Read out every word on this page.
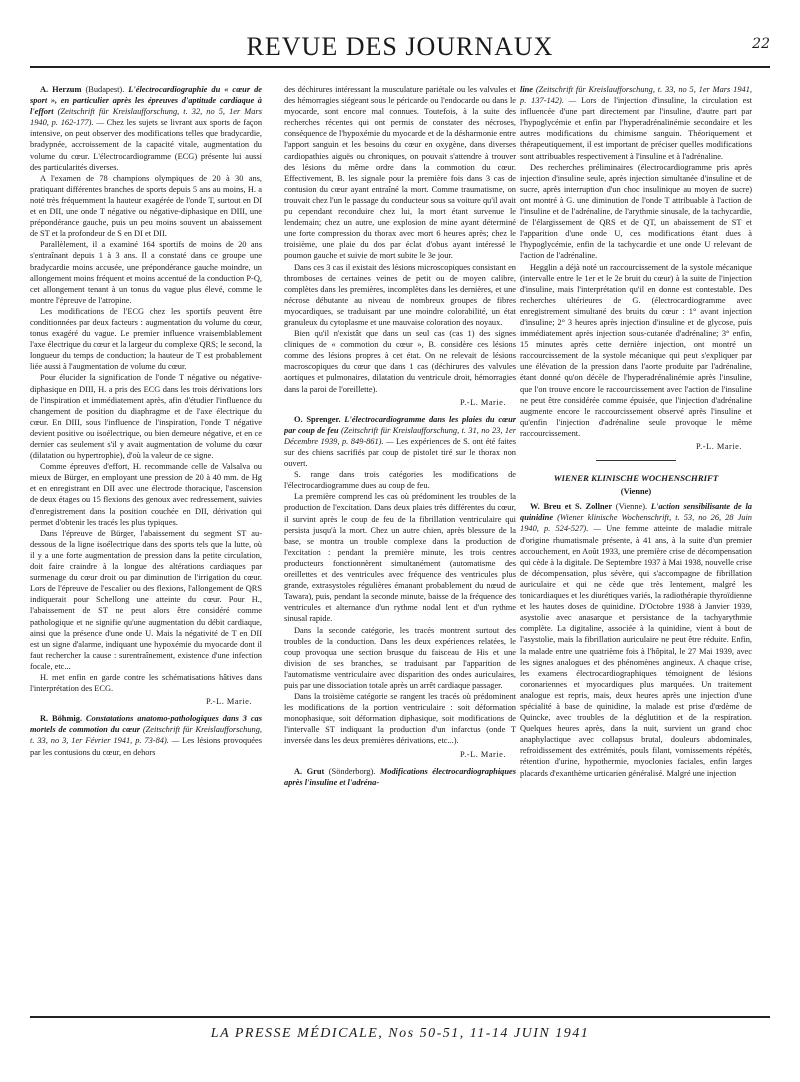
REVUE DES JOURNAUX	22

A. Herzum (Budapest). L'électrocardiographie du « cœur de sport », en particulier après les épreuves d'aptitude cardiaque à l'effort (Zeitschrift für Kreislaufforschung, t. 32, no 5, 1er Mars 1940, p. 162-177). — Chez les sujets se livrant aux sports de façon intensive, on peut observer des modifications telles que bradycardie, bradypnée, accroissement de la capacité vitale, augmentation du volume du cœur. L'électrocardiogramme (ECG) présente lui aussi des particularités diverses.

A l'examen de 78 champions olympiques de 20 à 30 ans, pratiquant différentes branches de sports depuis 5 ans au moins, H. a noté très fréquemment la hauteur exagérée de l'onde T, surtout en DI et en DII, une onde T négative ou négative-diphasique en DIII, une prépondérance gauche, puis un peu moins souvent un abaissement de ST et la profondeur de S en DI et DII.

Parallèlement, il a examiné 164 sportifs de moins de 20 ans s'entraînant depuis 1 à 3 ans. Il a constaté dans ce groupe une bradycardie moins accusée, une prépondérance gauche moindre, un allongement moins fréquent et moins accentué de la conduction P-Q, cet allongement tenant à un tonus du vague plus élevé, comme le montre l'épreuve de l'atropine.

Les modifications de l'ECG chez les sportifs peuvent être conditionnées par deux facteurs : augmentation du volume du cœur, tonus exagéré du vague. Le premier influence vraisemblablement l'axe électrique du cœur et la largeur du complexe QRS; le second, la longueur du temps de conduction; la hauteur de T est probablement liée aussi à l'augmentation de volume du cœur.

Pour élucider la signification de l'onde T négative ou négative-diphasique en DIII, H. a pris des ECG dans les trois dérivations lors de l'inspiration et immédiatement après, afin d'étudier l'influence du changement de position du diaphragme et de l'axe électrique du cœur. En DIII, sous l'influence de l'inspiration, l'onde T négative devient positive ou isoélectrique, ou bien demeure négative, et en ce dernier cas seulement s'il y avait augmentation de volume du cœur (dilatation ou hypertrophie), d'où la valeur de ce signe.

Comme épreuves d'effort, H. recommande celle de Valsalva ou mieux de Bürger, en employant une pression de 20 à 40 mm. de Hg et en enregistrant en DII avec une électrode thoracique, l'ascension de deux étages ou 15 flexions des genoux avec redressement, suivies d'enregistrement dans la position couchée en DII, dérivation qui permet d'obtenir les tracés les plus typiques.

Dans l'épreuve de Bürger, l'abaissement du segment ST au-dessous de la ligne isoélectrique dans des sports tels que la lutte, où il y a une forte augmentation de pression dans la petite circulation, doit faire craindre à la longue des altérations cardiaques par surmenage du cœur droit ou par diminution de l'irrigation du cœur. Lors de l'épreuve de l'escalier ou des flexions, l'allongement de QRS indiquerait pour Schellong une atteinte du cœur. Pour H., l'abaissement de ST ne peut alors être considéré comme pathologique et ne signifie qu'une augmentation du débit cardiaque, ainsi que la présence d'une onde U. Mais la négativité de T en DII est un signe d'alarme, indiquant une hypoxémie du myocarde dont il faut rechercher la cause : surentraînement, existence d'une infection focale, etc...

H. met enfin en garde contre les schématisations hâtives dans l'interprétation des ECG.

P.-L. Marie.

R. Böhmig. Constatations anatomo-pathologiques dans 3 cas mortels de commotion du cœur (Zeitschrift für Kreislaufforschung, t. 33, no 3, 1er Février 1941, p. 73-84). — Les lésions provoquées par les contusions du cœur, en dehors

des déchirures intéressant la musculature pariétale ou les valvules et des hémorragies siégeant sous le péricarde ou l'endocarde ou dans le myocarde, sont encore mal connues. Toutefois, à la suite des recherches récentes qui ont permis de constater des nécroses, conséquence de l'hypoxémie du myocarde et de la désharmonie entre l'apport sanguin et les besoins du cœur en oxygène, dans diverses cardiopathies aiguës ou chroniques, on pouvait s'attendre à trouver des lésions du même ordre dans la commotion du cœur. Effectivement, B. les signale pour la première fois dans 3 cas de contusion du cœur ayant entraîné la mort. Comme traumatisme, on trouvait chez l'un le passage du conducteur sous sa voiture qu'il avait pu cependant reconduire chez lui, la mort étant survenue le lendemain; chez un autre, une explosion de mine ayant déterminé une forte compression du thorax avec mort 6 heures après; chez le troisième, une plaie du dos par éclat d'obus ayant intéressé le poumon gauche et suivie de mort subite le 3e jour.

Dans ces 3 cas il existait des lésions microscopiques consistant en thromboses de certaines veines de petit ou de moyen calibre, complètes dans les premières, incomplètes dans les dernières, et une nécrose débutante au niveau de nombreux groupes de fibres myocardiques, se traduisant par une moindre colorabilité, un état granuleux du cytoplasme et une mauvaise coloration des noyaux.

Bien qu'il n'existât que dans un seul cas (cas 1) des signes cliniques de « commotion du cœur », B. considère ces lésions comme des lésions propres à cet état. On ne relevait de lésions macroscopiques du cœur que dans 1 cas (déchirures des valvules aortiques et pulmonaires, dilatation du ventricule droit, hémorragies dans la paroi de l'oreillette).

P.-L. Marie.

O. Sprenger. L'électrocardiogramme dans les plaies du cœur par coup de feu (Zeitschrift für Kreislaufforschung, t. 31, no 23, 1er Décembre 1939, p. 849-861). — Les expériences de S. ont été faites sur des chiens sacrifiés par coup de pistolet tiré sur le thorax non ouvert.

S. range dans trois catégories les modifications de l'électrocardiogramme dues au coup de feu.

La première comprend les cas où prédominent les troubles de la production de l'excitation. Dans deux plaies très différentes du cœur, il survint après le coup de feu de la fibrillation ventriculaire qui persista jusqu'à la mort. Chez un autre chien, après blessure de la base, se montra un trouble complexe dans la production de l'excitation : pendant la première minute, les trois centres producteurs fonctionnèrent simultanément (automatisme des oreillettes et des ventricules avec fréquence des ventricules plus grande, extrasystoles régulières émanant probablement du nœud de Tawara), puis, pendant la seconde minute, baisse de la fréquence des ventricules et alternance d'un rythme nodal lent et d'un rythme sinusal rapide.

Dans la seconde catégorie, les tracés montrent surtout des troubles de la conduction. Dans les deux expériences relatées, le coup provoqua une section brusque du faisceau de His et une division de ses branches, se traduisant par l'apparition de l'automatisme ventriculaire avec disparition des ondes auriculaires, puis par une dissociation totale après un arrêt cardiaque passager.

Dans la troisième catégorie se rangent les tracés où prédominent les modifications de la portion ventriculaire : soit déformation monophasique, soit déformation diphasique, soit modifications de l'intervalle ST indiquant la production d'un infarctus (onde T inversée dans les deux premières dérivations, etc...).

P.-L. Marie.

A. Grut (Sönderborg). Modifications électrocardiographiques après l'insuline et l'adréna-

line (Zeitschrift für Kreislaufforschung, t. 33, no 5, 1er Mars 1941, p. 137-142). — Lors de l'injection d'insuline, la circulation est influencée d'une part directement par l'insuline, d'autre part par l'hypoglycémie et enfin par l'hyperadrénalinémie secondaire et les autres modifications du chimisme sanguin. Théoriquement et thérapeutiquement, il est important de préciser quelles modifications sont attribuables respectivement à l'insuline et à l'adrénaline.

Des recherches préliminaires (électrocardiogramme pris après injection d'insuline seule, après injection simultanée d'insuline et de sucre, après interruption d'un choc insulinique au moyen de sucre) ont montré à G. une diminution de l'onde T attribuable à l'action de l'insuline et de l'adrénaline, de l'arythmie sinusale, de la tachycardie, de l'élargissement de QRS et de QT, un abaissement de ST et l'apparition d'une onde U, ces modifications étant dues à l'hypoglycémie, enfin de la tachycardie et une onde U relevant de l'action de l'adrénaline.

Hegglin a déjà noté un raccourcissement de la systole mécanique (intervalle entre le 1er et le 2e bruit du cœur) à la suite de l'injection d'insuline, mais l'interprétation qu'il en donne est contestable. Des recherches ultérieures de G. (électrocardiogramme avec enregistrement simultané des bruits du cœur : 1° avant injection d'insuline; 2° 3 heures après injection d'insuline et de glycose, puis immédiatement après injection sous-cutanée d'adrénaline; 3° enfin, 15 minutes après cette dernière injection, ont montré un raccourcissement de la systole mécanique qui peut s'expliquer par une élévation de la pression dans l'aorte produite par l'adrénaline, étant donné qu'on décèle de l'hyperadrénalinémie après l'insuline, que l'on trouve encore le raccourcissement avec l'action de l'insuline ne peut être considérée comme épuisée, que l'injection d'adrénaline augmente encore le raccourcissement observé après l'insuline et qu'enfin l'injection d'adrénaline seule provoque le même raccourcissement.

P.-L. Marie.
WIENER KLINISCHE WOCHENSCHRIFT
(Vienne)

W. Breu et S. Zollner (Vienne). L'action sensibilisante de la quinidine (Wiener klinische Wochenschrift, t. 53, no 26, 28 Juin 1940, p. 524-527). — Une femme atteinte de maladie mitrale d'origine rhumatismale présente, à 41 ans, à la suite d'un premier accouchement, en Août 1933, une première crise de décompensation qui cède à la digitale. De Septembre 1937 à Mai 1938, nouvelle crise de décompensation, plus sévère, qui s'accompagne de fibrillation auriculaire et qui ne cède que très lentement, malgré les tonicardiaques et les diurétiques variés, la radiothérapie thyroïdienne et les hautes doses de quinidine. D'Octobre 1938 à Janvier 1939, asystolie avec anasarque et persistance de la tachyarythmie complète. La digitaline, associée à la quinidine, vient à bout de l'asystolie, mais la fibrillation auriculaire ne peut être réduite. Enfin, la malade entre une quatrième fois à l'hôpital, le 27 Mai 1939, avec les signes analogues et des phénomènes angineux. A chaque crise, les examens électrocardiographiques témoignent de lésions coronariennes et myocardiques plus marquées. Un traitement analogue est repris, mais, deux heures après une injection d'une spécialité à base de quinidine, la malade est prise d'œdème de Quincke, avec troubles de la déglutition et de la respiration. Quelques heures après, dans la nuit, survient un grand choc anaphylactique avec collapsus brutal, douleurs abdominales, refroidissement des extrémités, pouls filant, vomissements répétés, rétention d'urine, hypothermie, myoclonies faciales, enfin larges placards d'exanthème urticarien généralisé. Malgré une injection

LA PRESSE MÉDICALE, Nos 50-51, 11-14 JUIN 1941
